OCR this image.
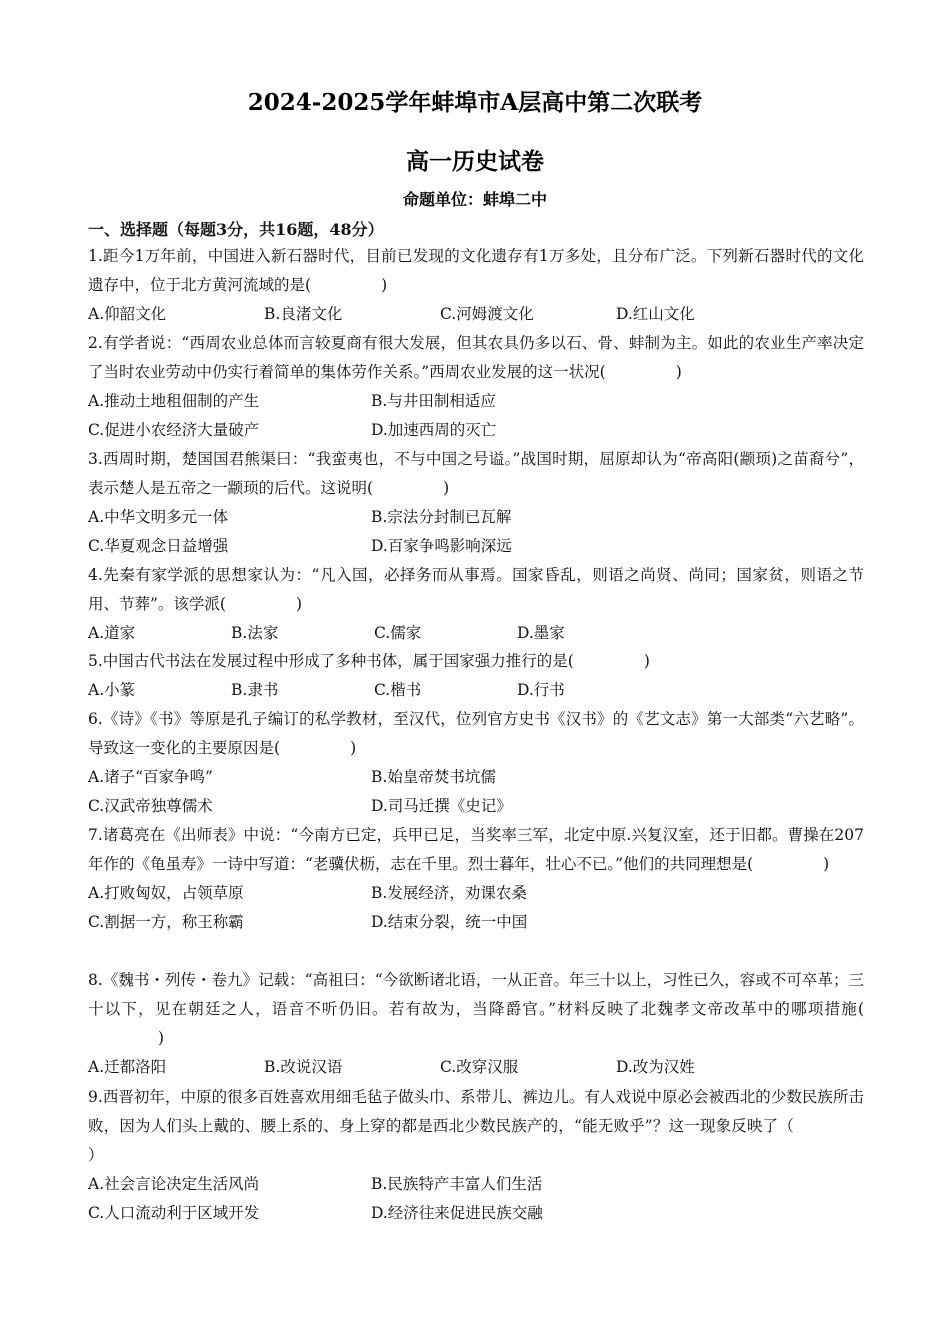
2024-2025学年蚌埠市A层高中第二次联考
高一历史试卷
命题单位：蚌埠二中
一、选择题（每题3分，共16题，48分）

1.距今1万年前，中国进入新石器时代，目前已发现的文化遗存有1万多处，且分布广泛。下列新石器时代的文化遗存中，位于北方黄河流域的是(	)

A.仰韶文化	B.良渚文化	C.河姆渡文化	D.红山文化

2.有学者说：“西周农业总体而言较夏商有很大发展，但其农具仍多以石、骨、蚌制为主。如此的农业生产率决定了当时农业劳动中仍实行着简单的集体劳作关系。”西周农业发展的这一状况(	)

A.推动土地租佃制的产生	B.与井田制相适应
C.促进小农经济大量破产	D.加速西周的灭亡

3.西周时期，楚国国君熊渠曰：“我蛮夷也，不与中国之号谥。”战国时期，屈原却认为“帝高阳(颛顼)之苗裔兮”，表示楚人是五帝之一颛顼的后代。这说明(	)

A.中华文明多元一体	B.宗法分封制已瓦解
C.华夏观念日益增强	D.百家争鸣影响深远

4.先秦有家学派的思想家认为：“凡入国，必择务而从事焉。国家昏乱，则语之尚贤、尚同；国家贫，则语之节用、节葬”。该学派(	)

A.道家	B.法家	C.儒家	D.墨家

5.中国古代书法在发展过程中形成了多种书体，属于国家强力推行的是(	)

A.小篆	B.隶书	C.楷书	D.行书

6.《诗》《书》等原是孔子编订的私学教材，至汉代，位列官方史书《汉书》的《艺文志》第一大部类“六艺略”。导致这一变化的主要原因是(	)

A.诸子“百家争鸣”	B.始皇帝焚书坑儒
C.汉武帝独尊儒术	D.司马迁撰《史记》

7.诸葛亮在《出师表》中说：“今南方已定，兵甲已足，当奖率三军，北定中原.兴复汉室，还于旧都。曹操在207年作的《龟虽寿》一诗中写道：“老骥伏枥，志在千里。烈士暮年，壮心不已。”他们的共同理想是(	)

A.打败匈奴，占领草原	B.发展经济，劝课农桑
C.割据一方，称王称霸	D.结束分裂，统一中国

8.《魏书・列传・卷九》记载：“高祖曰：“今欲断诸北语，一从正音。年三十以上，习性已久，容或不可卒革；三十以下，见在朝廷之人，语音不听仍旧。若有故为，当降爵官。”材料反映了北魏孝文帝改革中的哪项措施()

A.迁都洛阳	B.改说汉语	C.改穿汉服	D.改为汉姓

9.西晋初年，中原的很多百姓喜欢用细毛毡子做头巾、系带儿、裤边儿。有人戏说中原必会被西北的少数民族所击败，因为人们头上戴的、腰上系的、身上穿的都是西北少数民族产的，“能无败乎”？这一现象反映了（）

A.社会言论决定生活风尚	B.民族特产丰富人们生活
C.人口流动利于区域开发	D.经济往来促进民族交融
